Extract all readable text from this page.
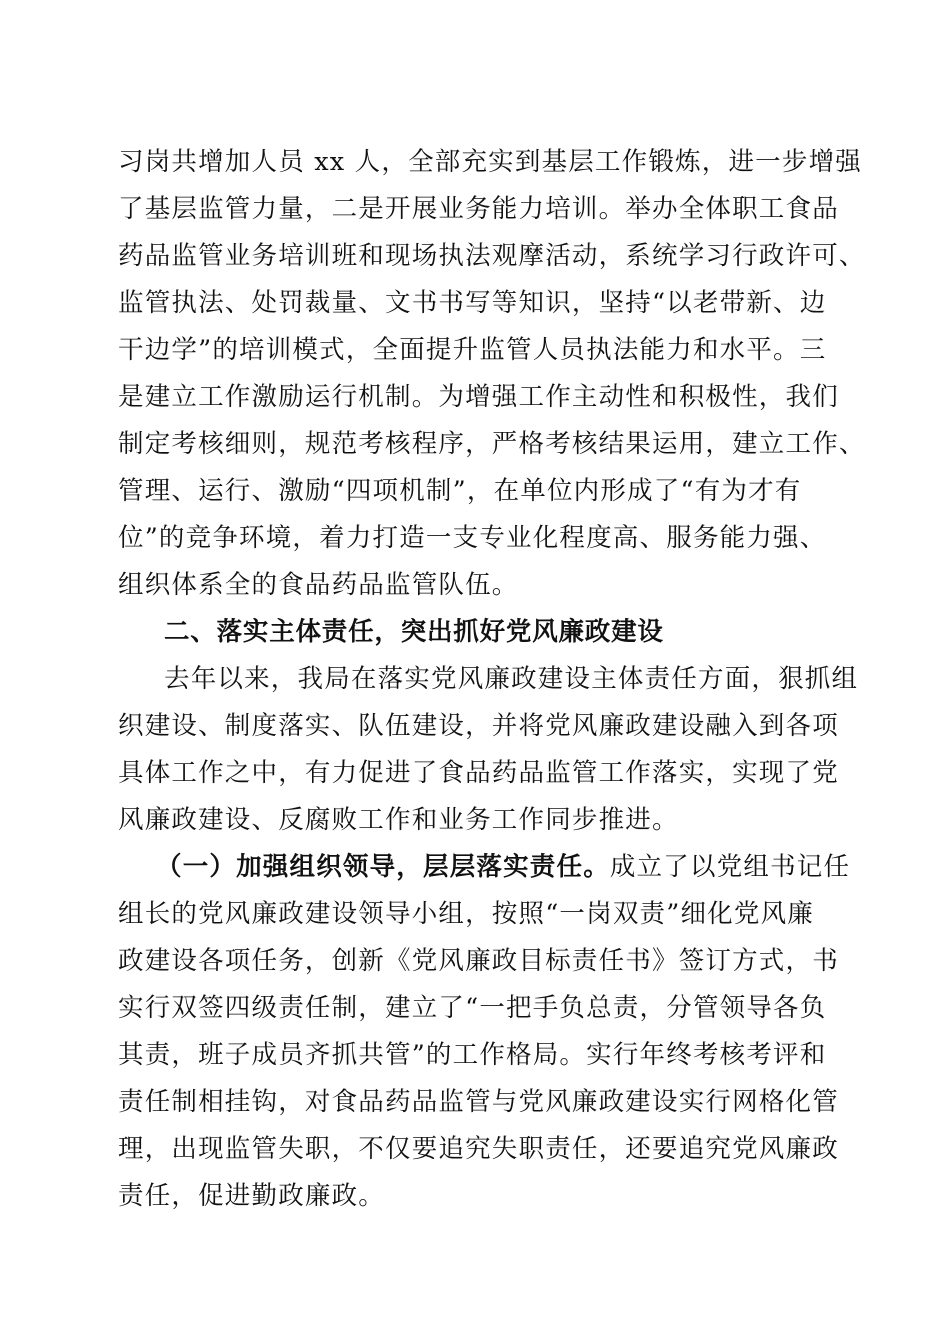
习岗共增加人员 xx 人，全部充实到基层工作锻炼，进一步增强
了基层监管力量，二是开展业务能力培训。举办全体职工食品
药品监管业务培训班和现场执法观摩活动，系统学习行政许可、
监管执法、处罚裁量、文书书写等知识，坚持“以老带新、边
干边学”的培训模式，全面提升监管人员执法能力和水平。三
是建立工作激励运行机制。为增强工作主动性和积极性，我们
制定考核细则，规范考核程序，严格考核结果运用，建立工作、
管理、运行、激励“四项机制”，在单位内形成了“有为才有
位”的竞争环境，着力打造一支专业化程度高、服务能力强、
组织体系全的食品药品监管队伍。
二、落实主体责任，突出抓好党风廉政建设
去年以来，我局在落实党风廉政建设主体责任方面，狠抓组
织建设、制度落实、队伍建设，并将党风廉政建设融入到各项
具体工作之中，有力促进了食品药品监管工作落实，实现了党
风廉政建设、反腐败工作和业务工作同步推进。
（一）加强组织领导，层层落实责任。成立了以党组书记任
组长的党风廉政建设领导小组，按照“一岗双责”细化党风廉
政建设各项任务，创新《党风廉政目标责任书》签订方式，书
实行双签四级责任制，建立了“一把手负总责，分管领导各负
其责，班子成员齐抓共管”的工作格局。实行年终考核考评和
责任制相挂钩，对食品药品监管与党风廉政建设实行网格化管
理，出现监管失职，不仅要追究失职责任，还要追究党风廉政
责任，促进勤政廉政。
